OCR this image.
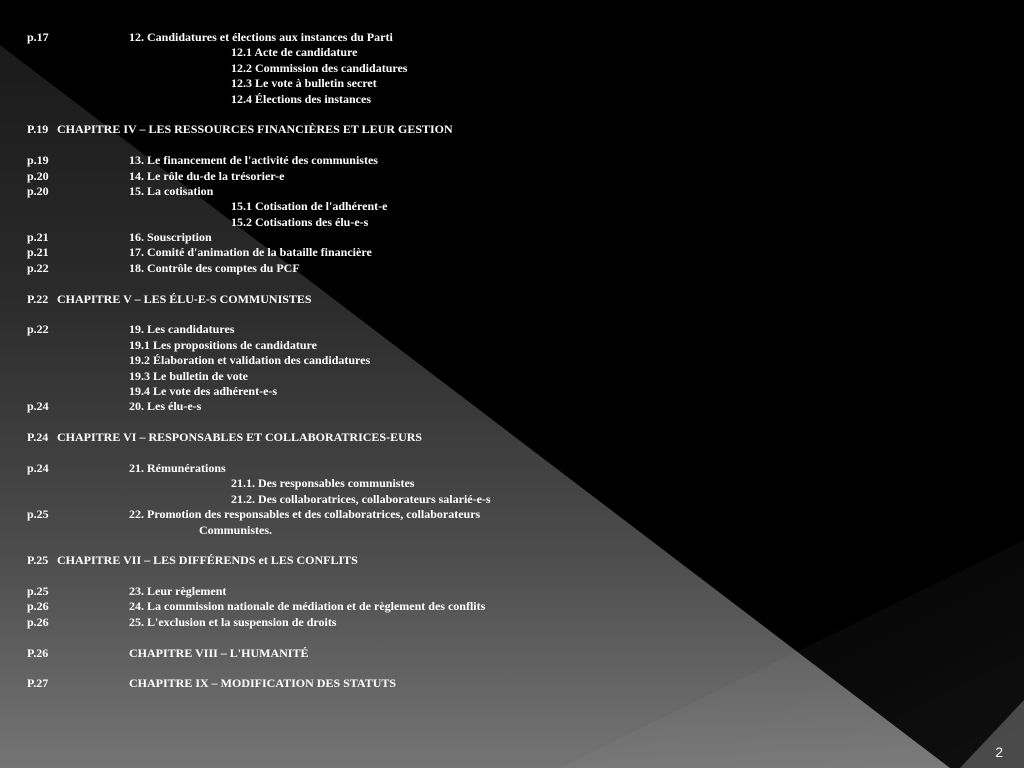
p.17	12. Candidatures et élections aux instances du Parti
12.1 Acte de candidature
12.2 Commission des candidatures
12.3 Le vote à bulletin secret
12.4 Élections des instances
P.19 CHAPITRE IV – LES RESSOURCES FINANCIÈRES ET LEUR GESTION
p.19	13. Le financement de l'activité des communistes
p.20	14. Le rôle du-de la trésorier-e
p.20	15. La cotisation
15.1 Cotisation de l'adhérent-e
15.2 Cotisations des élu-e-s
p.21	16. Souscription
p.21	17. Comité d'animation de la bataille financière
p.22	18. Contrôle des comptes du PCF
P.22 CHAPITRE V – LES ÉLU-E-S COMMUNISTES
p.22	19. Les candidatures
19.1 Les propositions de candidature
19.2 Élaboration et validation des candidatures
19.3 Le bulletin de vote
19.4 Le vote des adhérent-e-s
p.24	20. Les élu-e-s
P.24 CHAPITRE VI – RESPONSABLES ET COLLABORATRICES-EURS
p.24	21. Rémunérations
21.1. Des responsables communistes
21.2. Des collaboratrices, collaborateurs salarié-e-s
p.25	22. Promotion des responsables et des collaboratrices, collaborateurs
Communistes.
P.25 CHAPITRE VII – LES DIFFÉRENDS et LES CONFLITS
p.25	23. Leur règlement
p.26	24. La commission nationale de médiation et de règlement des conflits
p.26	25. L'exclusion et la suspension de droits
P.26	CHAPITRE VIII – L'HUMANITÉ
P.27	CHAPITRE IX – MODIFICATION DES STATUTS
2
